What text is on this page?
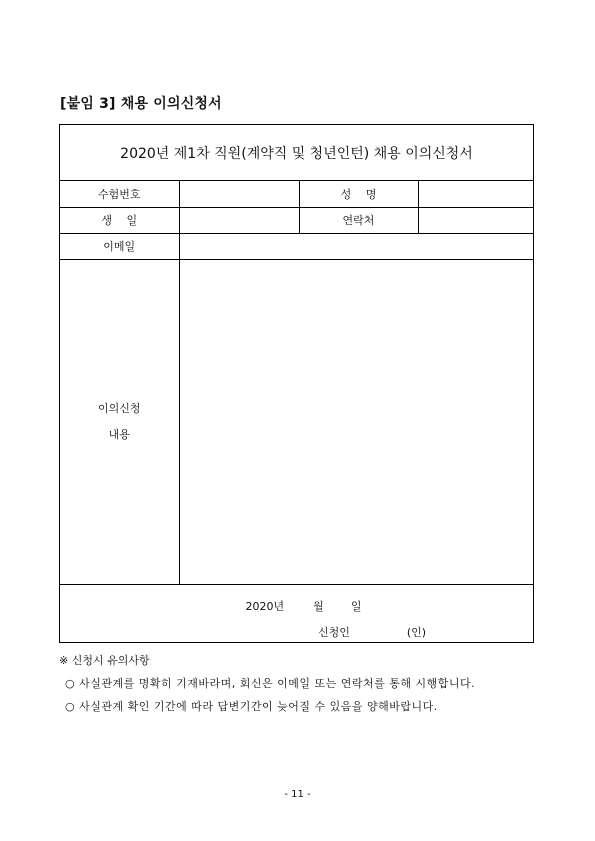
[붙임 3] 채용 이의신청서
2020년 제1차 직원(계약직 및 청년인턴) 채용 이의신청서
수험번호		성　 명	
생　 일		연락처	
이메일			

이의신청
내용			

2020년	월 일
신청인	(인)
※ 신청시 유의사항
○ 사실관계를 명확히 기재바라며, 회신은 이메일 또는 연락처를 통해 시행합니다.
○ 사실관계 확인 기간에 따라 답변기간이 늦어질 수 있음을 양해바랍니다.
- 11 -
